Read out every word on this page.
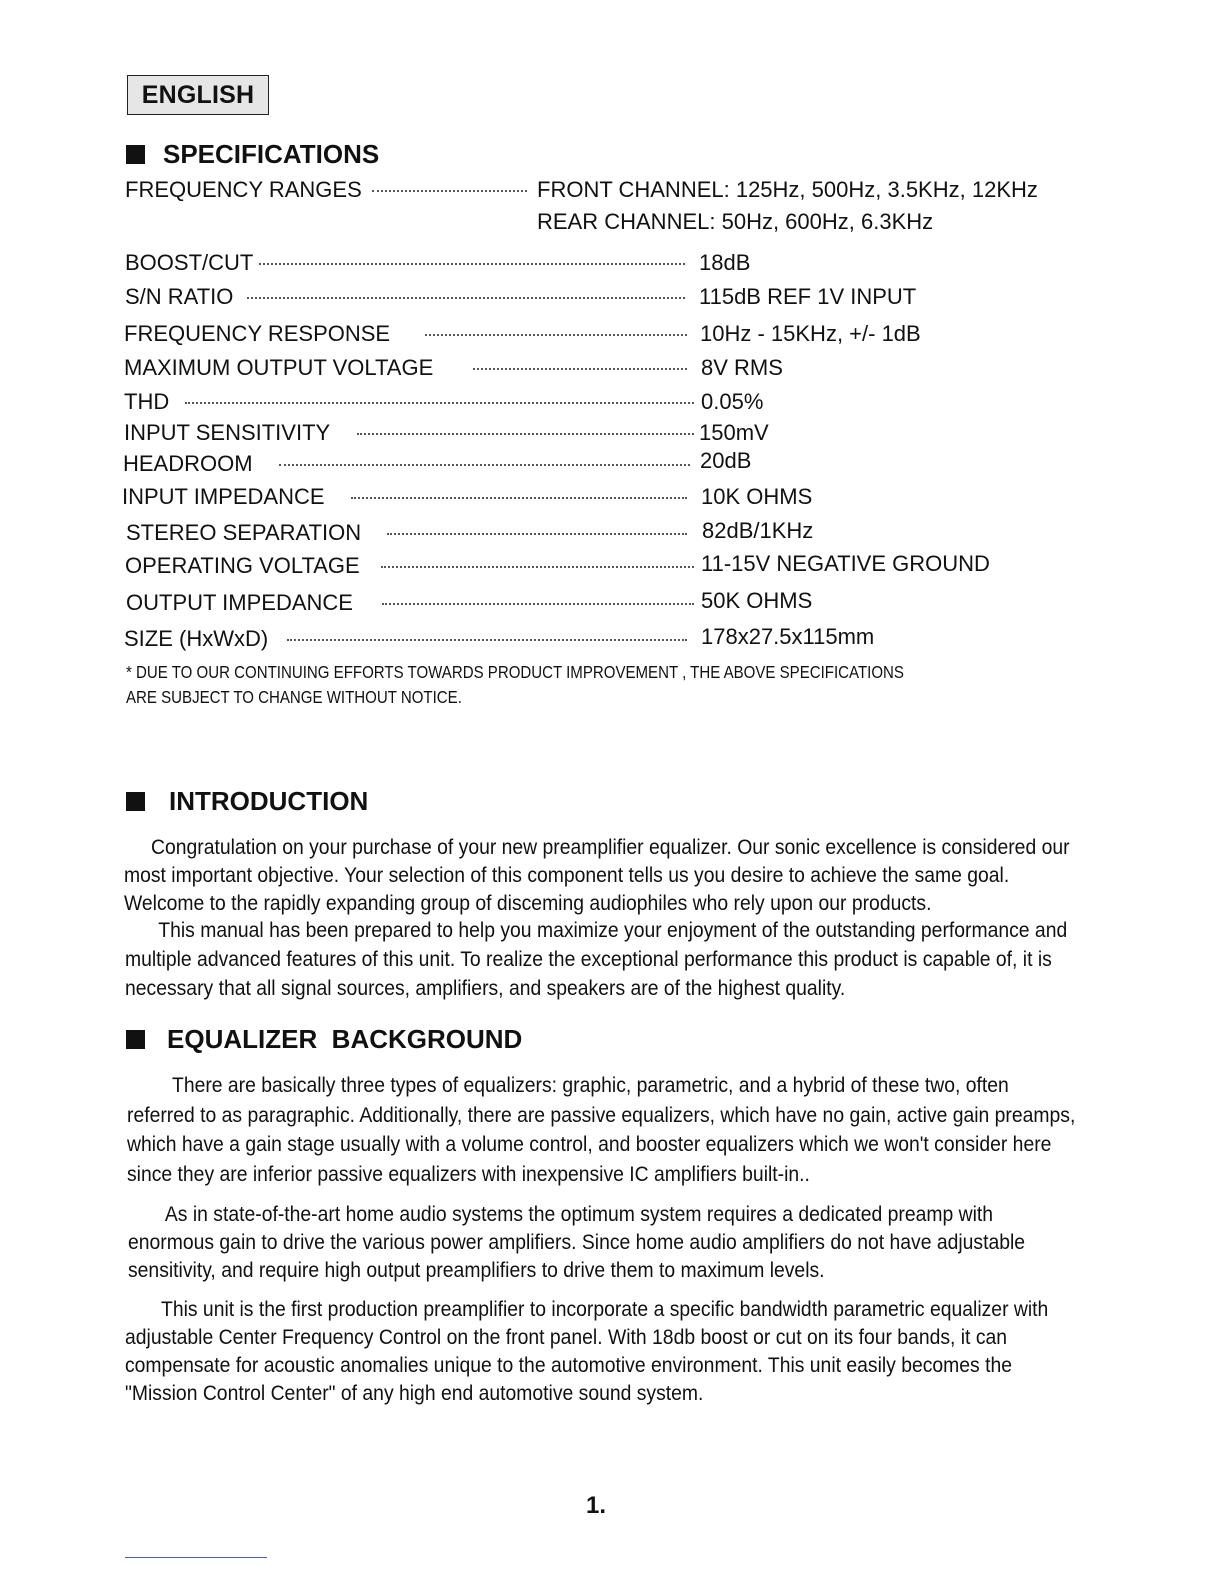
ENGLISH
SPECIFICATIONS
FREQUENCY RANGES	FRONT CHANNEL: 125Hz, 500Hz, 3.5KHz, 12KHz
REAR CHANNEL: 50Hz, 600Hz, 6.3KHz
BOOST/CUT	18dB
S/N RATIO	115dB REF 1V INPUT
FREQUENCY RESPONSE	10Hz - 15KHz, +/- 1dB
MAXIMUM OUTPUT VOLTAGE	8V RMS
THD	0.05%
INPUT SENSITIVITY	150mV
HEADROOM	20dB
INPUT IMPEDANCE	10K OHMS
STEREO SEPARATION	82dB/1KHz
OPERATING VOLTAGE	11-15V NEGATIVE GROUND
OUTPUT IMPEDANCE	50K OHMS
SIZE (HxWxD)	178x27.5x115mm
* DUE TO OUR CONTINUING EFFORTS TOWARDS PRODUCT IMPROVEMENT , THE ABOVE SPECIFICATIONS
ARE SUBJECT TO CHANGE WITHOUT NOTICE.
INTRODUCTION

Congratulation on your purchase of your new preamplifier equalizer. Our sonic excellence is considered our most important objective. Your selection of this component tells us you desire to achieve the same goal. Welcome to the rapidly expanding group of disceming audiophiles who rely upon our products.

This manual has been prepared to help you maximize your enjoyment of the outstanding performance and multiple advanced features of this unit. To realize the exceptional performance this product is capable of, it is necessary that all signal sources, amplifiers, and speakers are of the highest quality.

EQUALIZER  BACKGROUND

There are basically three types of equalizers: graphic, parametric, and a hybrid of these two, often referred to as paragraphic. Additionally, there are passive equalizers, which have no gain, active gain preamps, which have a gain stage usually with a volume control, and booster equalizers which we won't consider here since they are inferior passive equalizers with inexpensive IC amplifiers built-in..

As in state-of-the-art home audio systems the optimum system requires a dedicated preamp with enormous gain to drive the various power amplifiers. Since home audio amplifiers do not have adjustable sensitivity, and require high output preamplifiers to drive them to maximum levels.

This unit is the first production preamplifier to incorporate a specific bandwidth parametric equalizer with adjustable Center Frequency Control on the front panel. With 18db boost or cut on its four bands, it can compensate for acoustic anomalies unique to the automotive environment. This unit easily becomes the "Mission Control Center" of any high end automotive sound system.

1.
